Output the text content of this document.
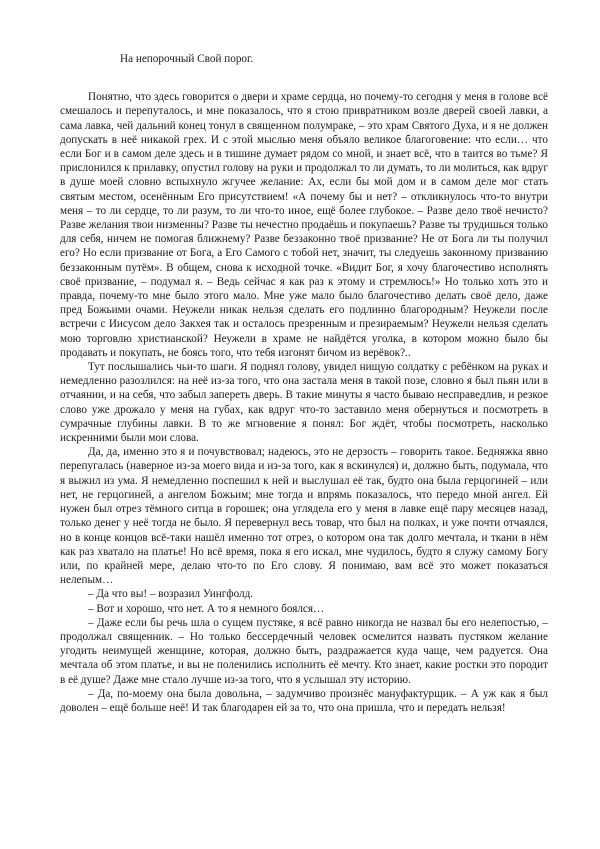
На непорочный Свой порог.

Понятно, что здесь говорится о двери и храме сердца, но почему-то сегодня у меня в голове всё смешалось и перепуталось, и мне показалось, что я стою привратником возле дверей своей лавки, а сама лавка, чей дальний конец тонул в священном полумраке, – это храм Святого Духа, и я не должен допускать в неё никакой грех. И с этой мыслью меня объяло великое благоговение: что если… что если Бог и в самом деле здесь и в тишине думает рядом со мной, и знает всё, что в таится во тьме? Я прислонился к прилавку, опустил голову на руки и продолжал то ли думать, то ли молиться, как вдруг в душе моей словно вспыхнуло жгучее желание: Ах, если бы мой дом и в самом деле мог стать святым местом, осенённым Его присутствием! «А почему бы и нет? – откликнулось что-то внутри меня – то ли сердце, то ли разум, то ли что-то иное, ещё более глубокое. – Разве дело твоё нечисто? Разве желания твои низменны? Разве ты нечестно продаёшь и покупаешь? Разве ты трудишься только для себя, ничем не помогая ближнему? Разве беззаконно твоё призвание? Не от Бога ли ты получил его? Но если призвание от Бога, а Его Самого с тобой нет, значит, ты следуешь законному призванию беззаконным путём». В общем, снова к исходной точке. «Видит Бог, я хочу благочестиво исполнять своё призвание, – подумал я. – Ведь сейчас я как раз к этому и стремлюсь!» Но только хоть это и правда, почему-то мне было этого мало. Мне уже мало было благочестиво делать своё дело, даже пред Божьими очами. Неужели никак нельзя сделать его подлинно благородным? Неужели после встречи с Иисусом дело Закхея так и осталось презренным и презираемым? Неужели нельзя сделать мою торговлю христианской? Неужели в храме не найдётся уголка, в котором можно было бы продавать и покупать, не боясь того, что тебя изгонят бичом из верёвок?..

Тут послышались чьи-то шаги. Я поднял голову, увидел нищую солдатку с ребёнком на руках и немедленно разозлился: на неё из-за того, что она застала меня в такой позе, словно я был пьян или в отчаянии, и на себя, что забыл запереть дверь. В такие минуты я часто бываю несправедлив, и резкое слово уже дрожало у меня на губах, как вдруг что-то заставило меня обернуться и посмотреть в сумрачные глубины лавки. В то же мгновение я понял: Бог ждёт, чтобы посмотреть, насколько искренними были мои слова.

Да, да, именно это я и почувствовал; надеюсь, это не дерзость – говорить такое. Бедняжка явно перепугалась (наверное из-за моего вида и из-за того, как я вскинулся) и, должно быть, подумала, что я выжил из ума. Я немедленно поспешил к ней и выслушал её так, будто она была герцогиней – или нет, не герцогиней, а ангелом Божьим; мне тогда и впрямь показалось, что передо мной ангел. Ей нужен был отрез тёмного ситца в горошек; она углядела его у меня в лавке ещё пару месяцев назад, только денег у неё тогда не было. Я перевернул весь товар, что был на полках, и уже почти отчаялся, но в конце концов всё-таки нашёл именно тот отрез, о котором она так долго мечтала, и ткани в нём как раз хватало на платье! Но всё время, пока я его искал, мне чудилось, будто я служу самому Богу или, по крайней мере, делаю что-то по Его слову. Я понимаю, вам всё это может показаться нелепым…

– Да что вы! – возразил Уингфолд.

– Вот и хорошо, что нет. А то я немного боялся…

– Даже если бы речь шла о сущем пустяке, я всё равно никогда не назвал бы его нелепостью, – продолжал священник. – Но только бессердечный человек осмелится назвать пустяком желание угодить неимущей женщине, которая, должно быть, раздражается куда чаще, чем радуется. Она мечтала об этом платье, и вы не поленились исполнить её мечту. Кто знает, какие ростки это породит в её душе? Даже мне стало лучше из-за того, что я услышал эту историю.

– Да, по-моему она была довольна, – задумчиво произнёс мануфактурщик. – А уж как я был доволен – ещё больше неё! И так благодарен ей за то, что она пришла, что и передать нельзя!
